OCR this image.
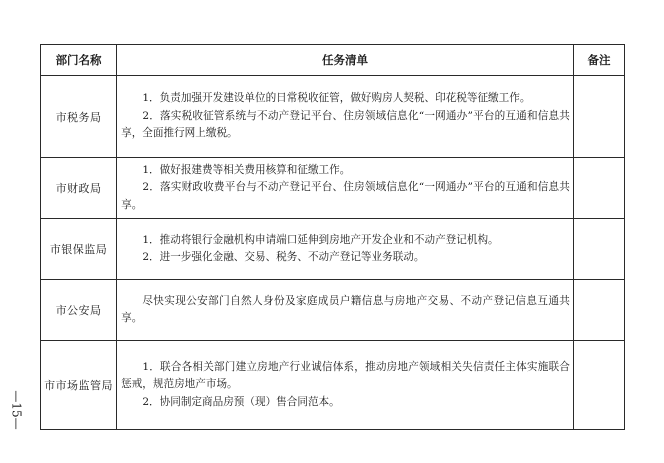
—15—
部门名称	任务清单	备注
市税务局	1．负责加强开发建设单位的日常税收征管，做好购房人契税、印花税等征缴工作。

2．落实税收征管系统与不动产登记平台、住房领域信息化“一网通办”平台的互通和信息共享，全面推行网上缴税。	

市财政局	1．做好报建费等相关费用核算和征缴工作。

2．落实财政收费平台与不动产登记平台、住房领域信息化“一网通办”平台的互通和信息共享。	

市银保监局	1．推动将银行金融机构申请端口延伸到房地产开发企业和不动产登记机构。

2．进一步强化金融、交易、税务、不动产登记等业务联动。	

市公安局	尽快实现公安部门自然人身份及家庭成员户籍信息与房地产交易、不动产登记信息互通共享。	

市市场监管局	1．联合各相关部门建立房地产行业诚信体系，推动房地产领域相关失信责任主体实施联合惩戒，规范房地产市场。

2．协同制定商品房预（现）售合同范本。	
